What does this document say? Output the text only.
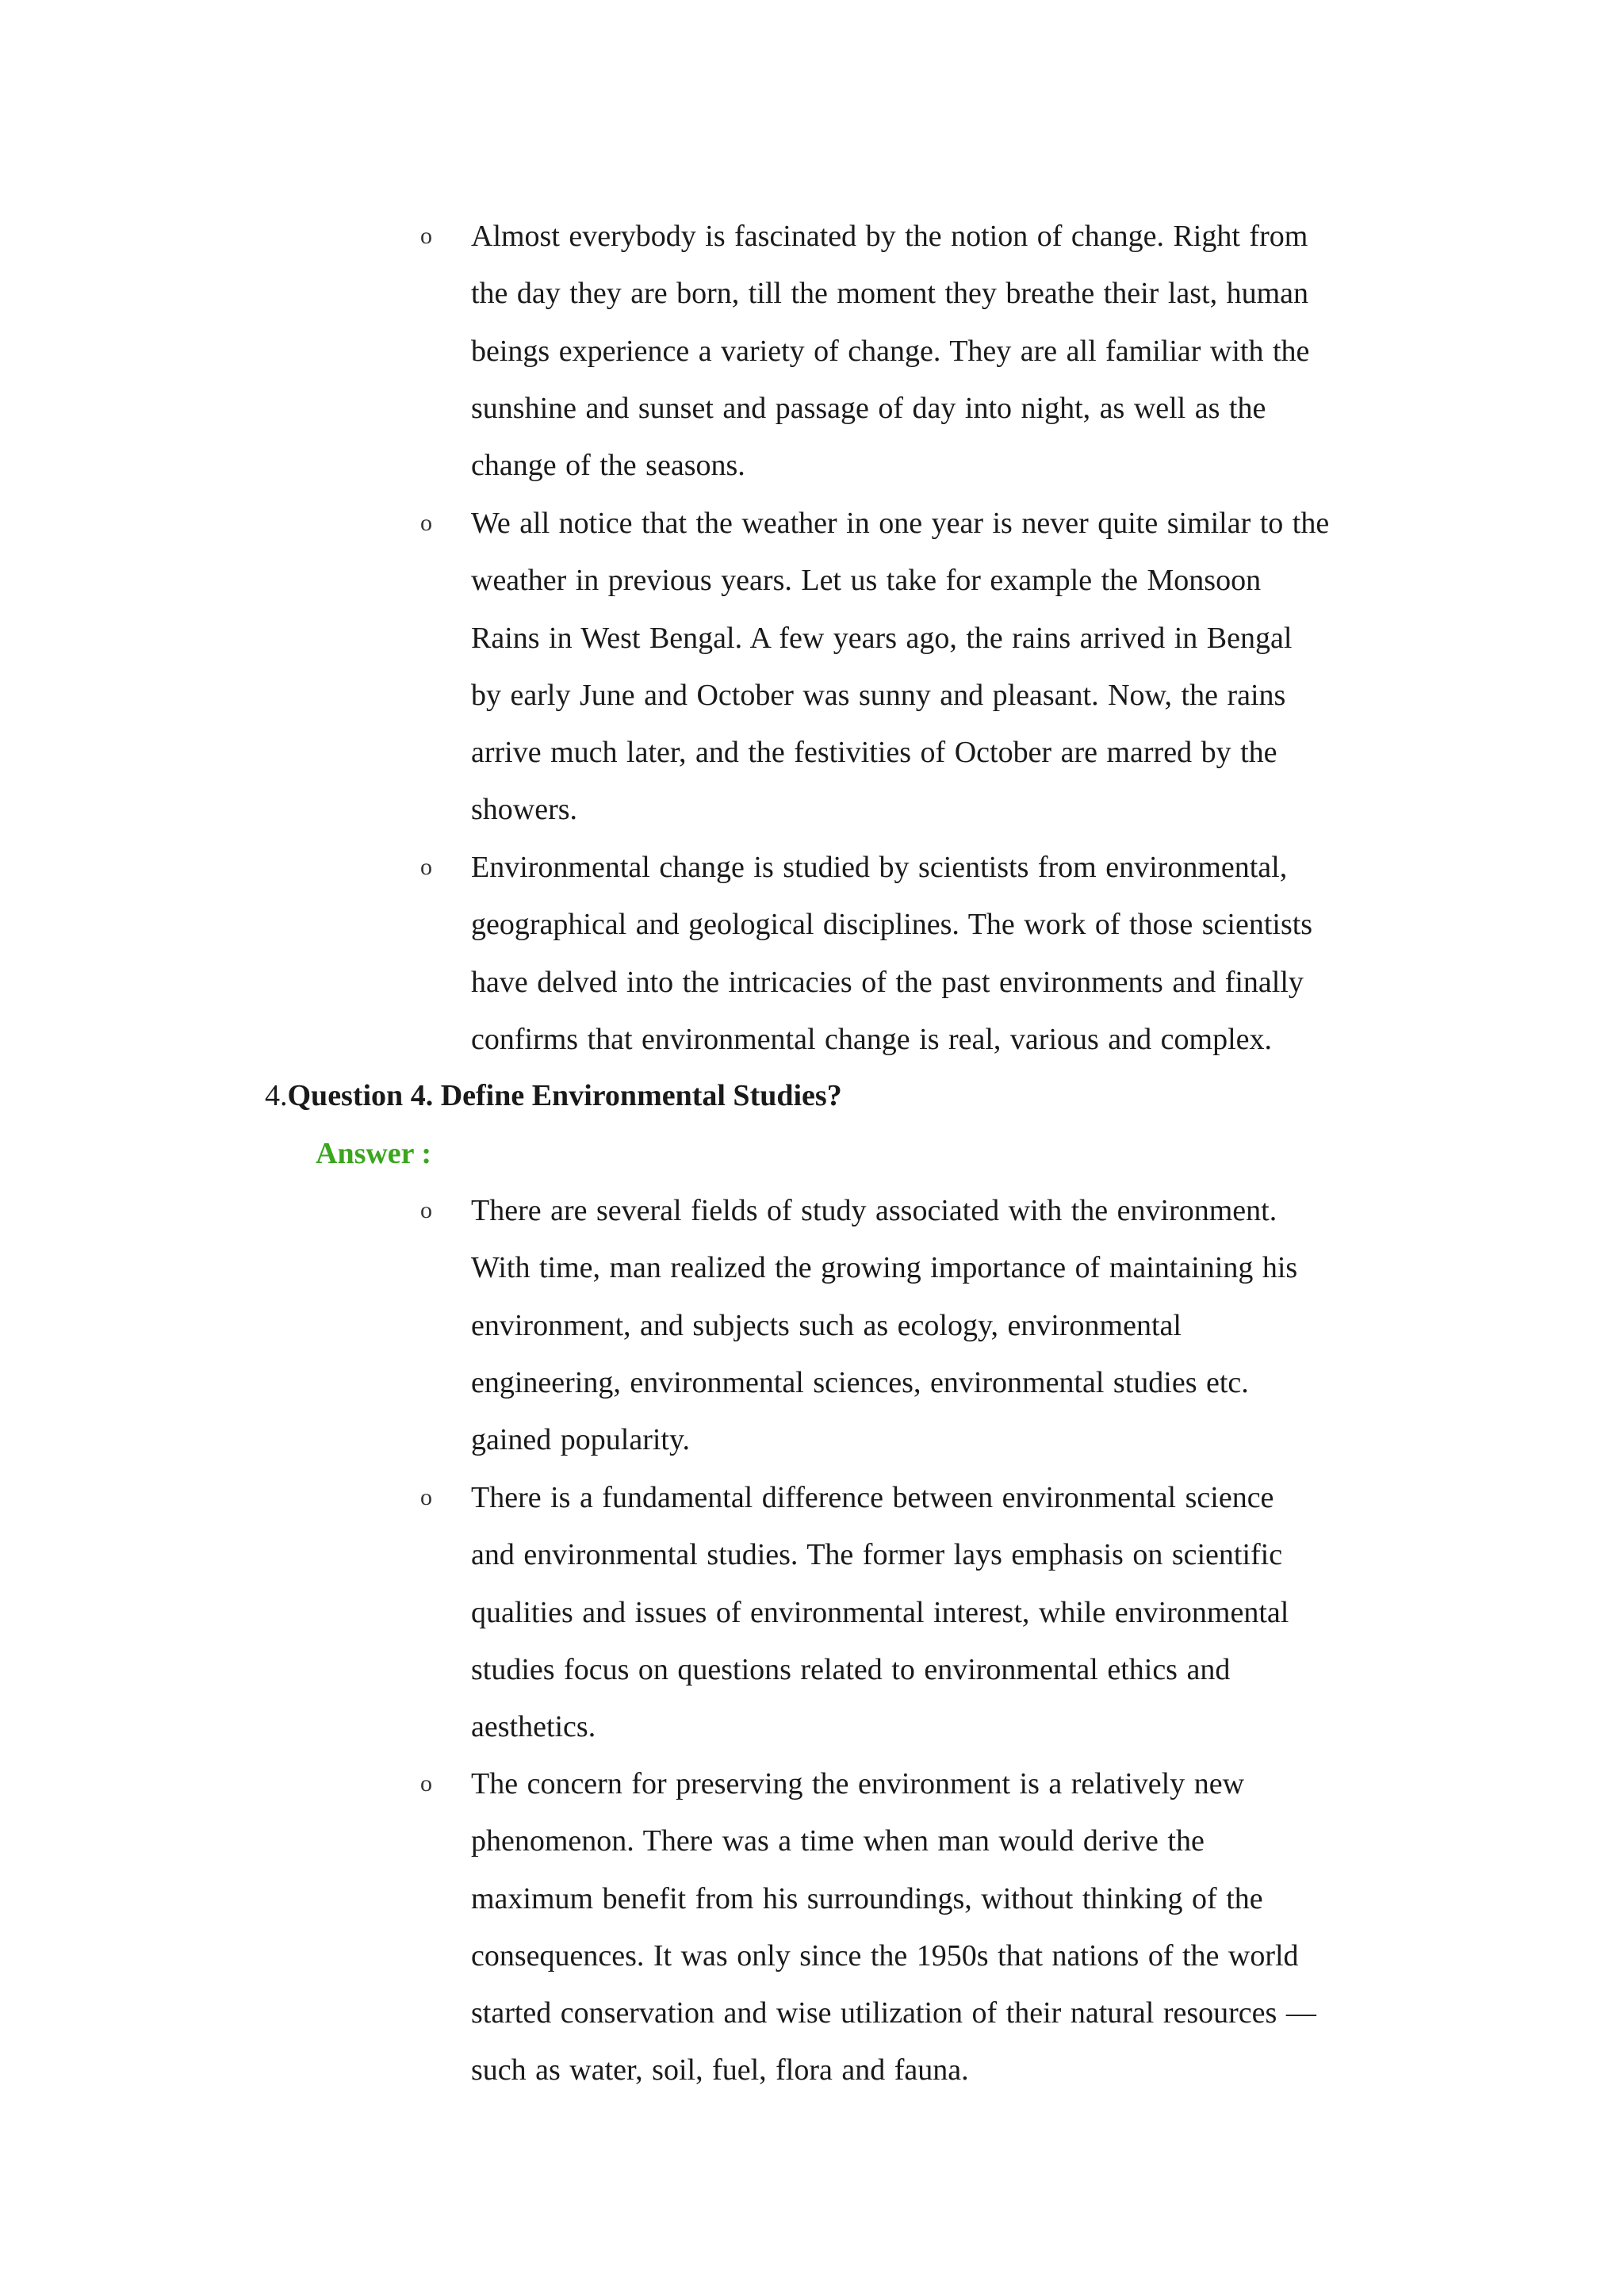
o Almost everybody is fascinated by the notion of change. Right from
the day they are born, till the moment they breathe their last, human
beings experience a variety of change. They are all familiar with the
sunshine and sunset and passage of day into night, as well as the
change of the seasons.
o We all notice that the weather in one year is never quite similar to the
weather in previous years. Let us take for example the Monsoon
Rains in West Bengal. A few years ago, the rains arrived in Bengal
by early June and October was sunny and pleasant. Now, the rains
arrive much later, and the festivities of October are marred by the
showers.
o Environmental change is studied by scientists from environmental,
geographical and geological disciplines. The work of those scientists
have delved into the intricacies of the past environments and finally
confirms that environmental change is real, various and complex.
4.Question 4. Define Environmental Studies?
Answer :
o There are several fields of study associated with the environment.
With time, man realized the growing importance of maintaining his
environment, and subjects such as ecology, environmental
engineering, environmental sciences, environmental studies etc.
gained popularity.
o There is a fundamental difference between environmental science
and environmental studies. The former lays emphasis on scientific
qualities and issues of environmental interest, while environmental
studies focus on questions related to environmental ethics and
aesthetics.
o The concern for preserving the environment is a relatively new
phenomenon. There was a time when man would derive the
maximum benefit from his surroundings, without thinking of the
consequences. It was only since the 1950s that nations of the world
started conservation and wise utilization of their natural resources —
such as water, soil, fuel, flora and fauna.
